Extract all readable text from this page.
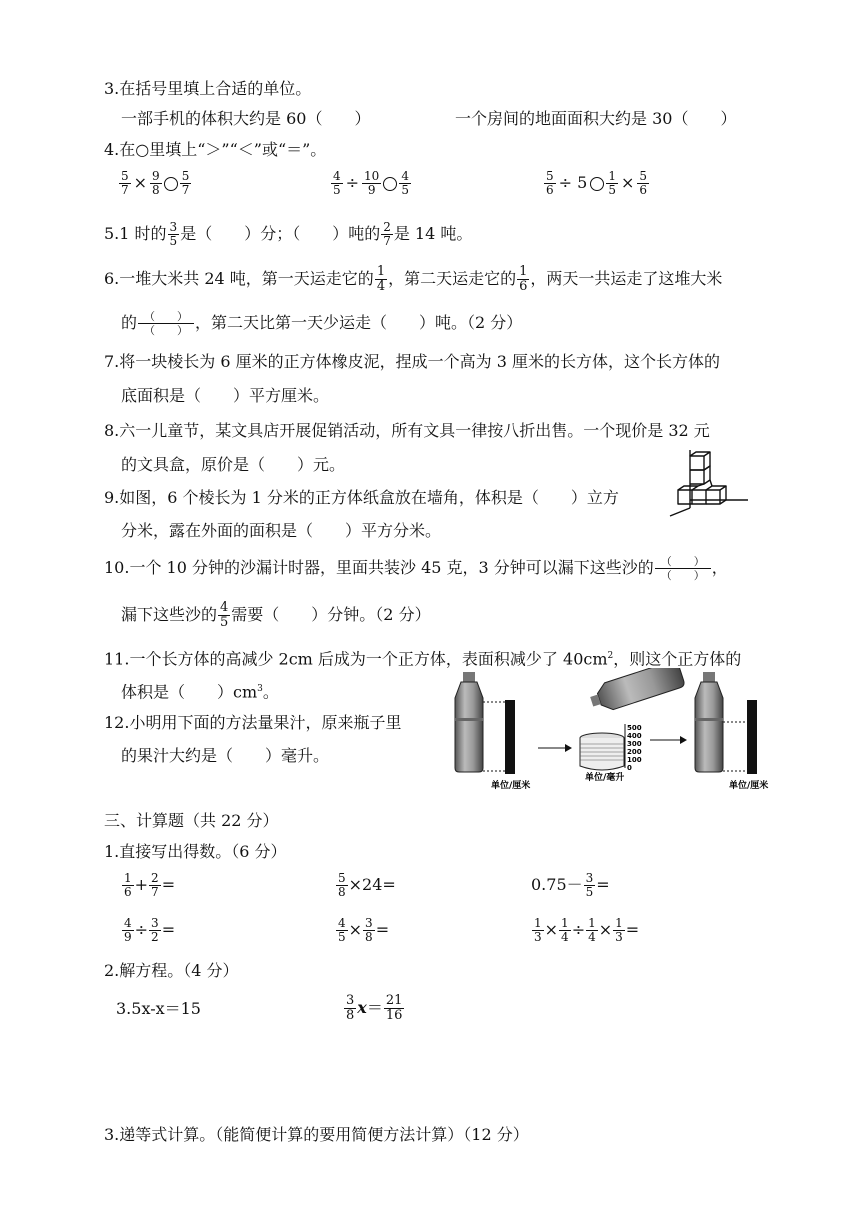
3.在括号里填上合适的单位。
一部手机的体积大约是 60（　　）	一个房间的地面面积大约是 30（　　）
4.在○里填上“＞”“＜”或“＝”。
$\frac{5}{7} \times \frac{9}{8} \frac{5}{7}$	$\frac{4}{5} \div \frac{10}{9} \frac{4}{5}$	$\frac{5}{6} \div 5 \frac{1}{5} \times \frac{5}{6}$
5.1 时的 $\frac{3}{5}$ 是（　　）分；（　　）吨的 $\frac{2}{7}$ 是 14 吨。
6.一堆大米共 24 吨，第一天运走它的 $\frac{1}{4}$ ，第二天运走它的 $\frac{1}{6}$ ，两天一共运走了这堆大米
的 $\frac{( )}{( )}$ ，第二天比第一天少运走（　　）吨。（2 分）
7.将一块棱长为 6 厘米的正方体橡皮泥，捏成一个高为 3 厘米的长方体，这个长方体的
底面积是（　　）平方厘米。
8.六一儿童节，某文具店开展促销活动，所有文具一律按八折出售。一个现价是 32 元
的文具盒，原价是（　　）元。
9.如图，6 个棱长为 1 分米的正方体纸盒放在墙角，体积是（　　）立方
分米，露在外面的面积是（　　）平方分米。
10.一个 10 分钟的沙漏计时器，里面共装沙 45 克，3 分钟可以漏下这些沙的 $\frac{( )}{( )}$ ，
漏下这些沙的 $\frac{4}{5}$ 需要（　　）分钟。（2 分）
11.一个长方体的高减少 2cm 后成为一个正方体，表面积减少了 $40cm^2$，则这个正方体的
体积是（　　）$cm^3$。
12.小明用下面的方法量果汁，原来瓶子里
的果汁大约是（　　）毫升。
单位/厘米
500
400
300
200
100
0
单位/毫升
单位/厘米
三、计算题（共 22 分）
1.直接写出得数。（6 分）
$\frac{1}{6} + \frac{2}{7}$ =	$\frac{5}{8} \times 24=$	$0.75- \frac{3}{5}$ =
$\frac{4}{9} \div \frac{3}{2}$ =	$\frac{4}{5} \times \frac{3}{8}$ =	$\frac{1}{3} \times \frac{1}{4} \div \frac{1}{4} \times \frac{1}{3}$ =
2.解方程。（4 分）
3.5x-x＝15	$\frac{3}{8} x= \frac{21}{16}$
3.递等式计算。（能简便计算的要用简便方法计算）（12 分）
